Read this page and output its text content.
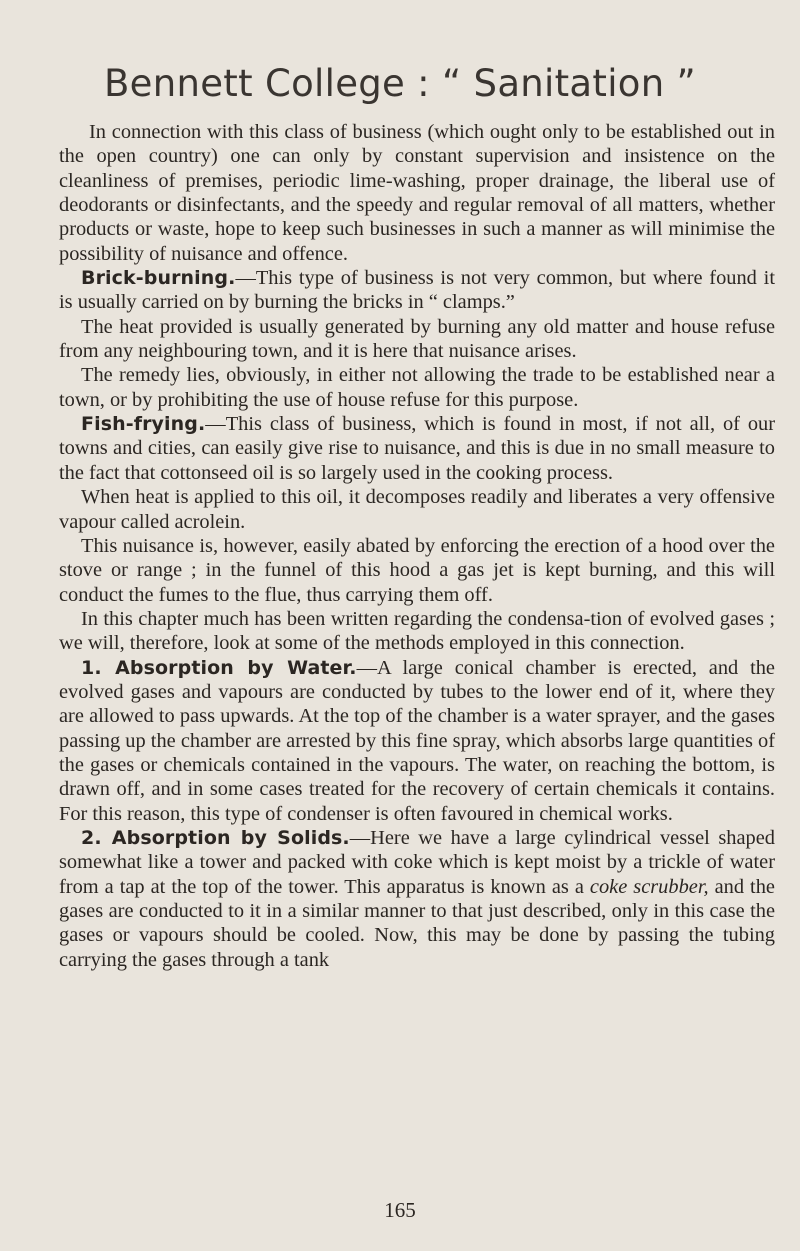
Bennett College : “ Sanitation ”

In connection with this class of business (which ought only to be established out in the open country) one can only by constant supervision and insistence on the cleanliness of premises, periodic lime-washing, proper drainage, the liberal use of deodorants or disinfectants, and the speedy and regular removal of all matters, whether products or waste, hope to keep such businesses in such a manner as will minimise the possibility of nuisance and offence.

Brick-burning.—This type of business is not very common, but where found it is usually carried on by burning the bricks in “ clamps.”

The heat provided is usually generated by burning any old matter and house refuse from any neighbouring town, and it is here that nuisance arises.

The remedy lies, obviously, in either not allowing the trade to be established near a town, or by prohibiting the use of house refuse for this purpose.

Fish-frying.—This class of business, which is found in most, if not all, of our towns and cities, can easily give rise to nuisance, and this is due in no small measure to the fact that cottonseed oil is so largely used in the cooking process.

When heat is applied to this oil, it decomposes readily and liberates a very offensive vapour called acrolein.

This nuisance is, however, easily abated by enforcing the erection of a hood over the stove or range ; in the funnel of this hood a gas jet is kept burning, and this will conduct the fumes to the flue, thus carrying them off.

In this chapter much has been written regarding the condensa-tion of evolved gases ; we will, therefore, look at some of the methods employed in this connection.

1. Absorption by Water.—A large conical chamber is erected, and the evolved gases and vapours are conducted by tubes to the lower end of it, where they are allowed to pass upwards. At the top of the chamber is a water sprayer, and the gases passing up the chamber are arrested by this fine spray, which absorbs large quantities of the gases or chemicals contained in the vapours. The water, on reaching the bottom, is drawn off, and in some cases treated for the recovery of certain chemicals it contains. For this reason, this type of condenser is often favoured in chemical works.

2. Absorption by Solids.—Here we have a large cylindrical vessel shaped somewhat like a tower and packed with coke which is kept moist by a trickle of water from a tap at the top of the tower. This apparatus is known as a coke scrubber, and the gases are conducted to it in a similar manner to that just described, only in this case the gases or vapours should be cooled. Now, this may be done by passing the tubing carrying the gases through a tank

165
